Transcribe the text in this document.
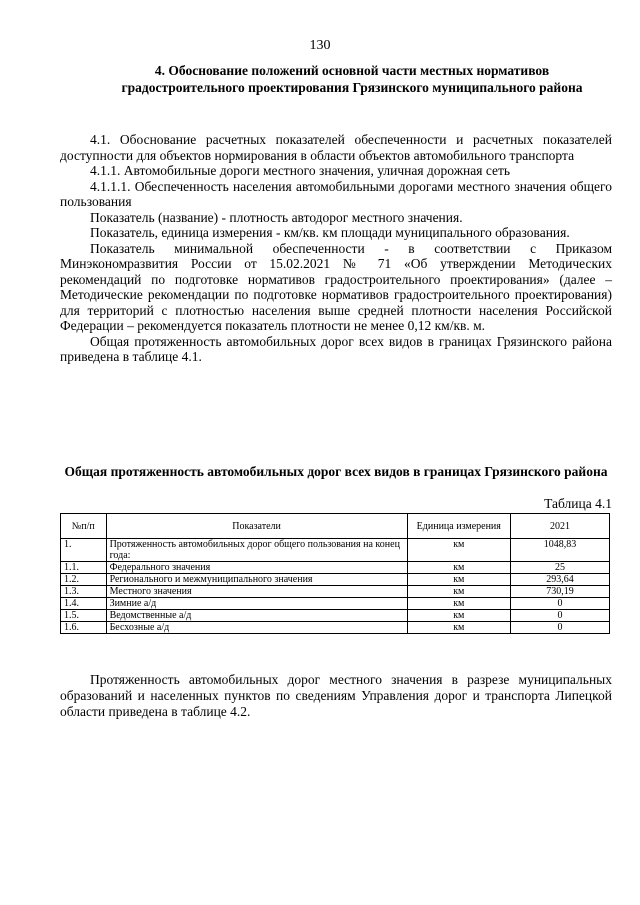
130
4. Обоснование положений основной части местных нормативов градостроительного проектирования Грязинского муниципального района

4.1. Обоснование расчетных показателей обеспеченности и расчетных показателей доступности для объектов нормирования в области объектов автомобильного транспорта

4.1.1. Автомобильные дороги местного значения, уличная дорожная сеть

4.1.1.1. Обеспеченность населения автомобильными дорогами местного значения общего пользования

Показатель (название) - плотность автодорог местного значения.

Показатель, единица измерения - км/кв. км площади муниципального образования.

Показатель минимальной обеспеченности - в соответствии с Приказом Минэкономразвития России от 15.02.2021 № 71 «Об утверждении Методических рекомендаций по подготовке нормативов градостроительного проектирования» (далее – Методические рекомендации по подготовке нормативов градостроительного проектирования) для территорий с плотностью населения выше средней плотности населения Российской Федерации – рекомендуется показатель плотности не менее 0,12 км/кв. м.

Общая протяженность автомобильных дорог всех видов в границах Грязинского района приведена в таблице 4.1.

Общая протяженность автомобильных дорог всех видов в границах Грязинского района
Таблица 4.1
№п/п	Показатели	Единица измерения	2021
1.	Протяженность автомобильных дорог общего пользования на конец года:	км	1048,83
1.1.	Федерального значения	км	25
1.2.	Регионального и межмуниципального значения	км	293,64
1.3.	Местного значения	км	730,19
1.4.	Зимние а/д	км	0
1.5.	Ведомственные а/д	км	0
1.6.	Бесхозные а/д	км	0

Протяженность автомобильных дорог местного значения в разрезе муниципальных образований и населенных пунктов по сведениям Управления дорог и транспорта Липецкой области приведена в таблице 4.2.
